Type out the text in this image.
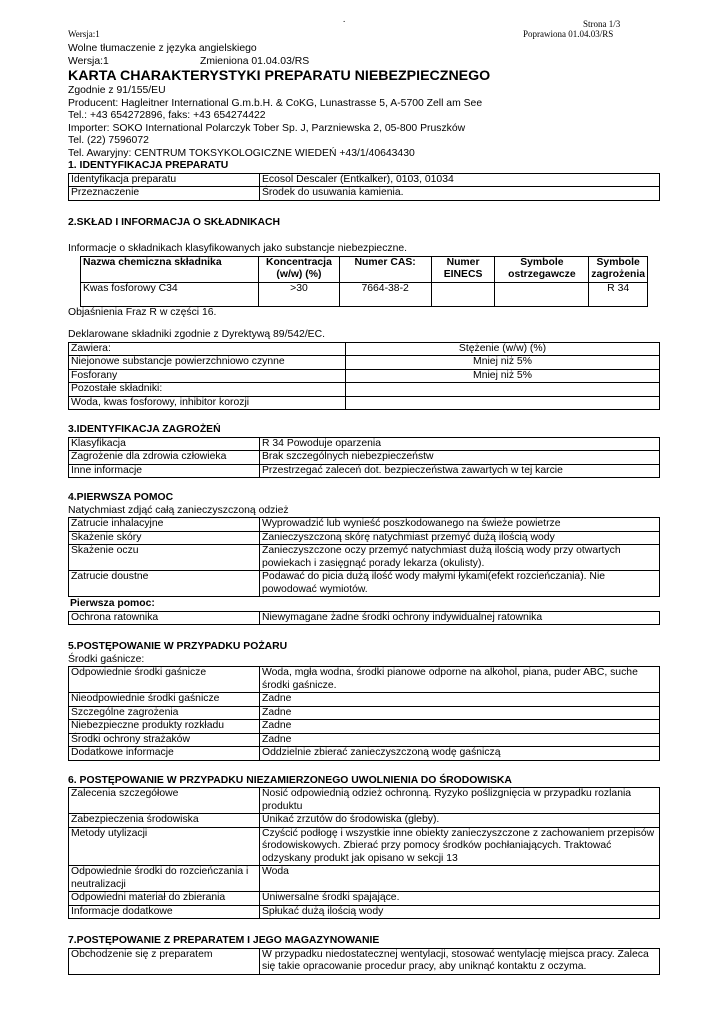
.	Strona 1/3
Wersja:1	Poprawiona 01.04.03/RS
Wolne tłumaczenie z języka angielskiego
Wersja:1	Zmieniona 01.04.03/RS
KARTA CHARAKTERYSTYKI PREPARATU NIEBEZPIECZNEGO
Zgodnie z 91/155/EU
Producent: Hagleitner International G.m.b.H. & CoKG, Lunastrasse 5, A-5700 Zell am See
Tel.: +43 654272896, faks: +43 654274422
Importer: SOKO International Polarczyk Tober Sp. J, Parzniewska 2, 05-800 Pruszków
Tel. (22) 7596072
Tel. Awaryjny: CENTRUM TOKSYKOLOGICZNE WIEDEŃ +43/1/40643430
1. IDENTYFIKACJA PREPARATU
Identyfikacja preparatu	Ecosol Descaler (Entkalker), 0103, 01034
Przeznaczenie	Środek do usuwania kamienia.
2.SKŁAD I INFORMACJA O SKŁADNIKACH
Informacje o składnikach klasyfikowanych jako substancje niebezpieczne.
Nazwa chemiczna składnika	Koncentracja (w/w) (%)	Numer CAS:	Numer EINECS	Symbole ostrzegawcze	Symbole zagrożenia
Kwas fosforowy C34	>30	7664-38-2			R 34
Objaśnienia Fraz R w części 16.
Deklarowane składniki zgodnie z Dyrektywą 89/542/EC.
Zawiera:	Stężenie (w/w) (%)
Niejonowe substancje powierzchniowo czynne	Mniej niż 5%
Fosforany	Mniej niż 5%
Pozostałe składniki:	
Woda, kwas fosforowy, inhibitor korozji	
3.IDENTYFIKACJA ZAGROŻEŃ
Klasyfikacja	R 34 Powoduje oparzenia
Zagrożenie dla zdrowia człowieka	Brak szczególnych niebezpieczeństw
Inne informacje	Przestrzegać zaleceń dot. bezpieczeństwa zawartych w tej karcie
4.PIERWSZA POMOC
Natychmiast zdjąć całą zanieczyszczoną odzież
Zatrucie inhalacyjne	Wyprowadzić lub wynieść poszkodowanego na świeże powietrze
Skażenie skóry	Zanieczyszczoną skórę natychmiast przemyć dużą ilością wody
Skażenie oczu	Zanieczyszczone oczy przemyć natychmiast dużą ilością wody przy otwartych powiekach i zasięgnąć porady lekarza (okulisty).
Zatrucie doustne	Podawać do picia dużą ilość wody małymi łykami(efekt rozcieńczania). Nie powodować wymiotów.
Pierwsza pomoc:
Ochrona ratownika	Niewymagane żadne środki ochrony indywidualnej ratownika
5.POSTĘPOWANIE W PRZYPADKU POŻARU
Środki gaśnicze:
Odpowiednie środki gaśnicze	Woda, mgła wodna, środki pianowe odporne na alkohol, piana, puder ABC, suche środki gaśnicze.
Nieodpowiednie środki gaśnicze	Żadne
Szczególne zagrożenia	Żadne
Niebezpieczne produkty rozkładu	Żadne
Środki ochrony strażaków	Żadne
Dodatkowe informacje	Oddzielnie zbierać zanieczyszczoną wodę gaśniczą
6. POSTĘPOWANIE W PRZYPADKU NIEZAMIERZONEGO UWOLNIENIA DO ŚRODOWISKA
Zalecenia szczegółowe	Nosić odpowiednią odzież ochronną. Ryzyko poślizgnięcia w przypadku rozlania produktu
Zabezpieczenia środowiska	Unikać zrzutów do środowiska (gleby).
Metody utylizacji	Czyścić podłogę i wszystkie inne obiekty zanieczyszczone z zachowaniem przepisów środowiskowych. Zbierać przy pomocy środków pochłaniających. Traktować odzyskany produkt jak opisano w sekcji 13
Odpowiednie środki do rozcieńczania i neutralizacji	Woda
Odpowiedni materiał do zbierania	Uniwersalne środki spajające.
Informacje dodatkowe	Spłukać dużą ilością wody
7.POSTĘPOWANIE Z PREPARATEM I JEGO MAGAZYNOWANIE
Obchodzenie się z preparatem	W przypadku niedostatecznej wentylacji, stosować wentylację miejsca pracy. Zaleca się takie opracowanie procedur pracy, aby uniknąć kontaktu z oczyma.
